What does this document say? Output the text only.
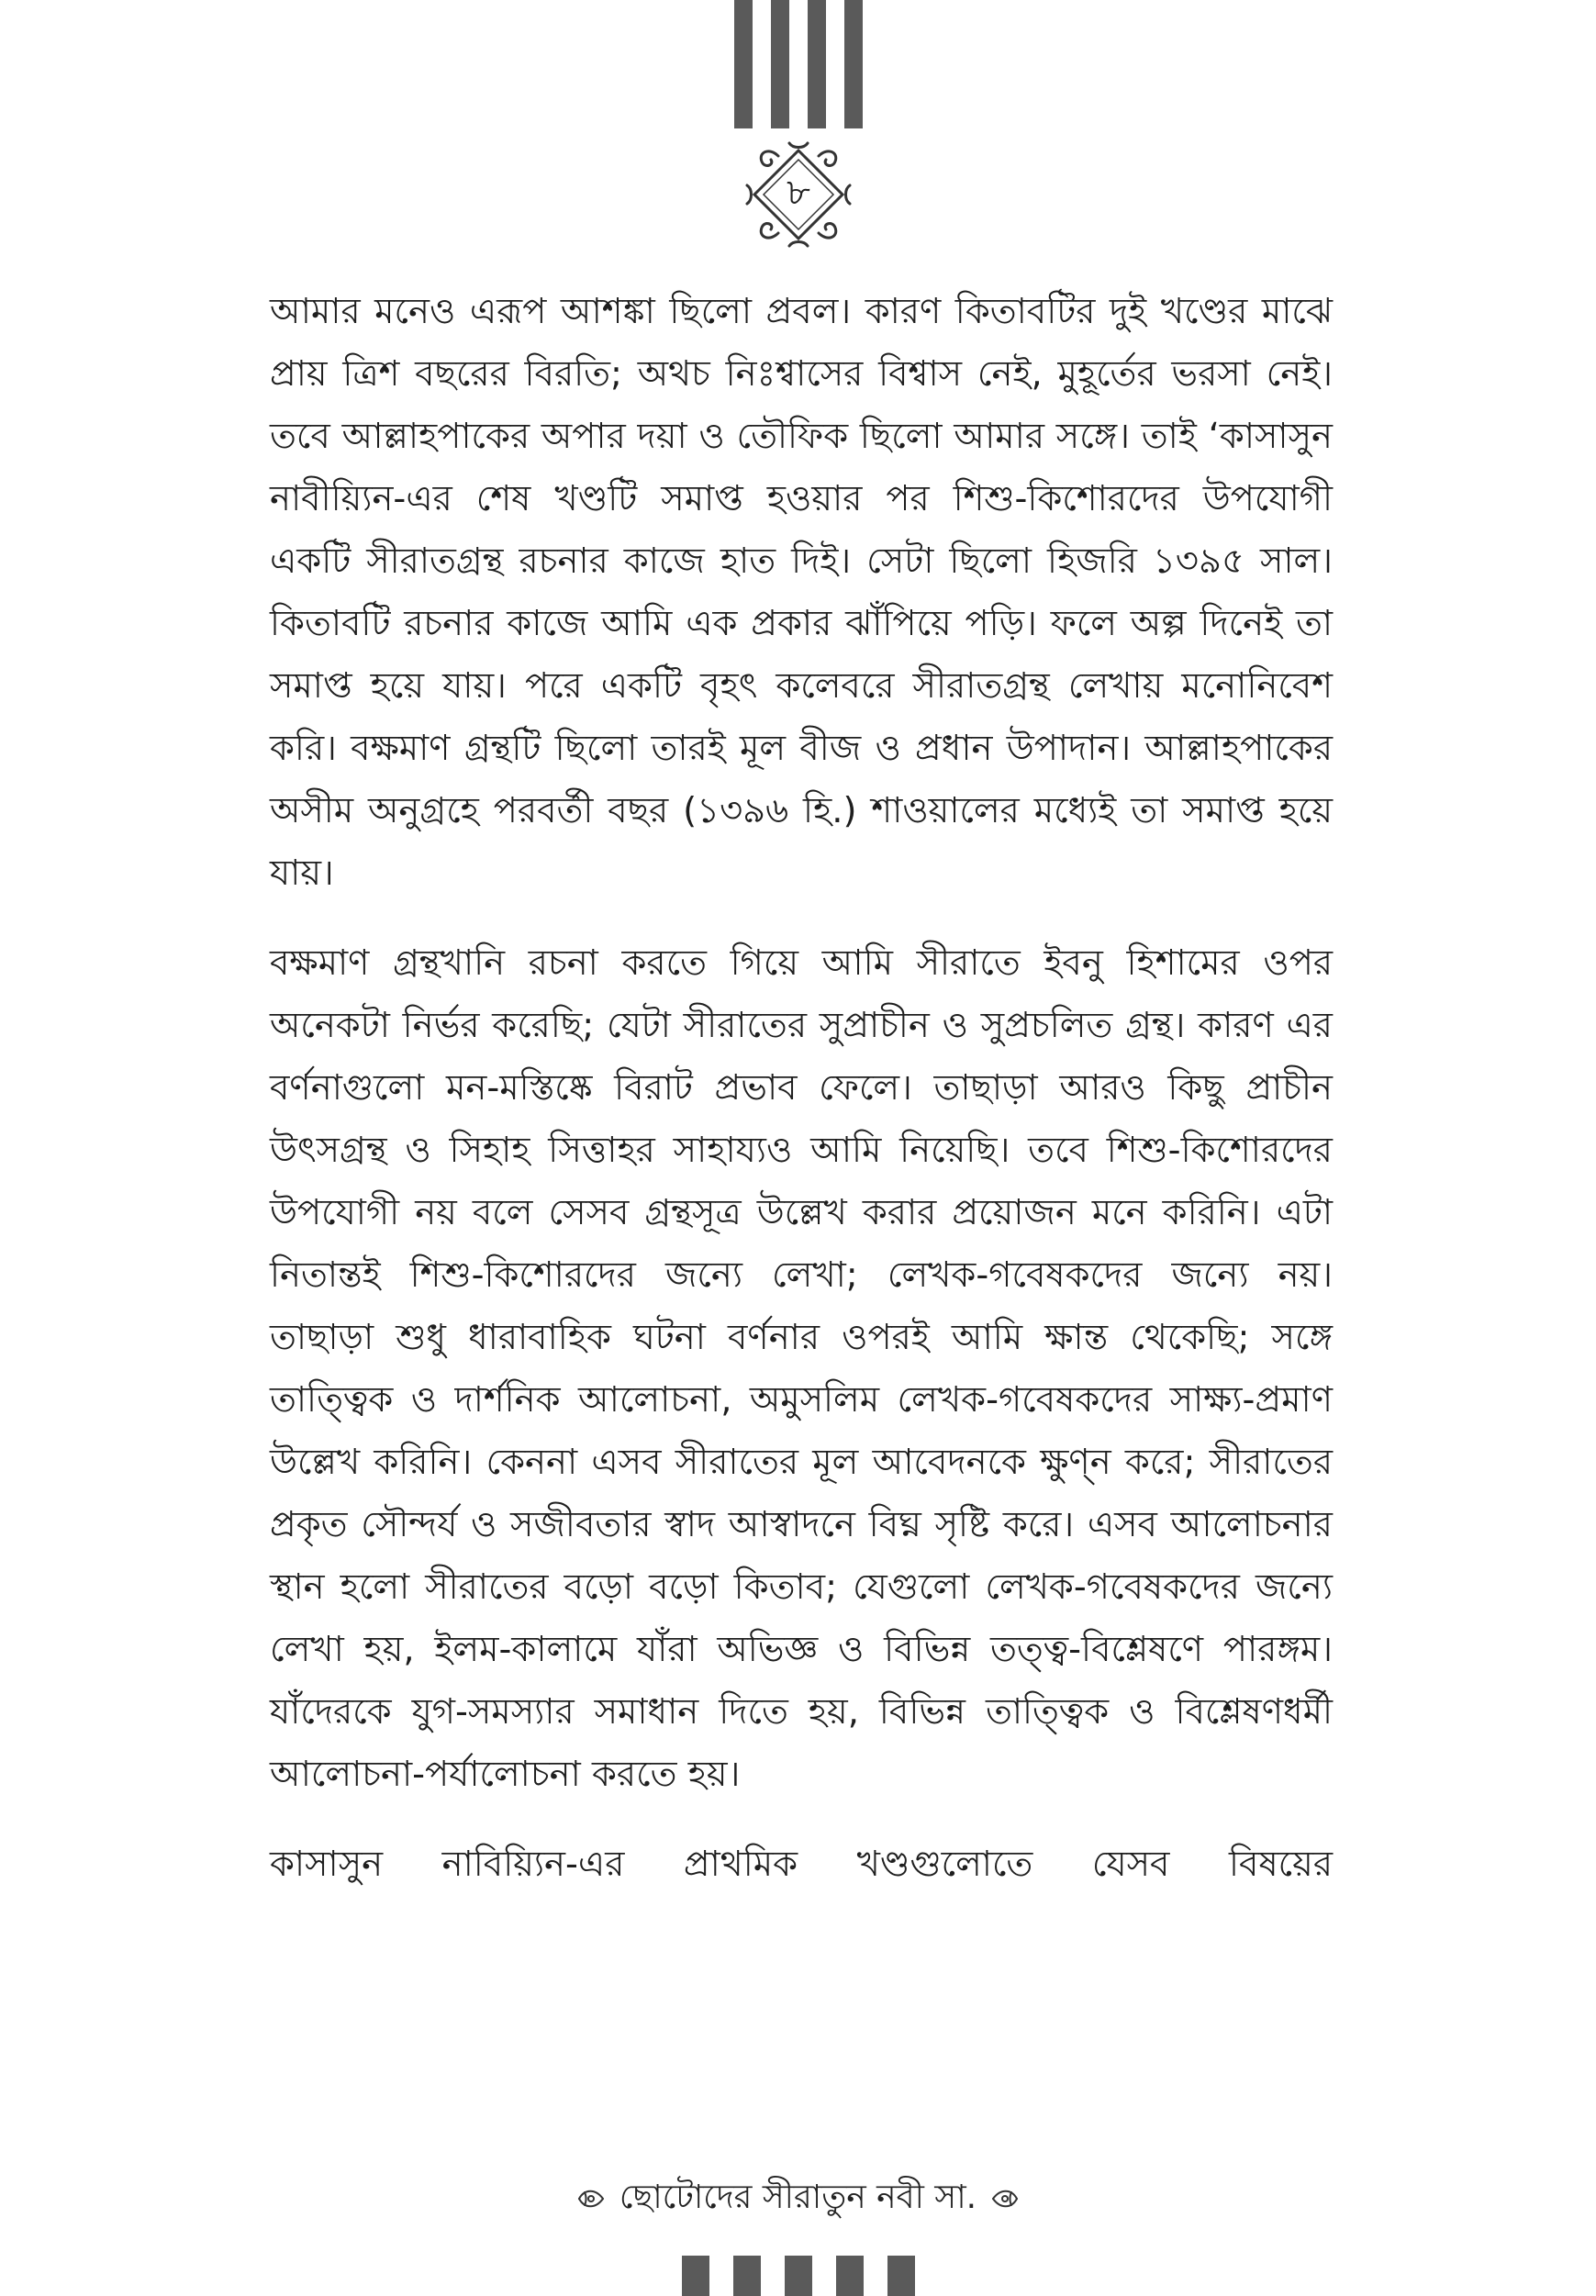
৮

আমার মনেও এরূপ আশঙ্কা ছিলো প্রবল। কারণ কিতাবটির দুই খণ্ডের মাঝে প্রায় ত্রিশ বছরের বিরতি; অথচ নিঃশ্বাসের বিশ্বাস নেই, মুহূর্তের ভরসা নেই। তবে আল্লাহপাকের অপার দয়া ও তৌফিক ছিলো আমার সঙ্গে। তাই ‘কাসাসুন নাবীয়্যিন-এর শেষ খণ্ডটি সমাপ্ত হওয়ার পর শিশু-কিশোরদের উপযোগী একটি সীরাতগ্রন্থ রচনার কাজে হাত দিই। সেটা ছিলো হিজরি ১৩৯৫ সাল। কিতাবটি রচনার কাজে আমি এক প্রকার ঝাঁপিয়ে পড়ি। ফলে অল্প দিনেই তা সমাপ্ত হয়ে যায়। পরে একটি বৃহৎ কলেবরে সীরাতগ্রন্থ লেখায় মনোনিবেশ করি। বক্ষমাণ গ্রন্থটি ছিলো তারই মূল বীজ ও প্রধান উপাদান। আল্লাহপাকের অসীম অনুগ্রহে পরবর্তী বছর (১৩৯৬ হি.) শাওয়ালের মধ্যেই তা সমাপ্ত হয়ে যায়।

বক্ষমাণ গ্রন্থখানি রচনা করতে গিয়ে আমি সীরাতে ইবনু হিশামের ওপর অনেকটা নির্ভর করেছি; যেটা সীরাতের সুপ্রাচীন ও সুপ্রচলিত গ্রন্থ। কারণ এর বর্ণনাগুলো মন-মস্তিষ্কে বিরাট প্রভাব ফেলে। তাছাড়া আরও কিছু প্রাচীন উৎসগ্রন্থ ও সিহাহ সিত্তাহর সাহায্যও আমি নিয়েছি। তবে শিশু-কিশোরদের উপযোগী নয় বলে সেসব গ্রন্থসূত্র উল্লেখ করার প্রয়োজন মনে করিনি। এটা নিতান্তই শিশু-কিশোরদের জন্যে লেখা; লেখক-গবেষকদের জন্যে নয়। তাছাড়া শুধু ধারাবাহিক ঘটনা বর্ণনার ওপরই আমি ক্ষান্ত থেকেছি; সঙ্গে তাত্ত্বিক ও দার্শনিক আলোচনা, অমুসলিম লেখক-গবেষকদের সাক্ষ্য-প্রমাণ উল্লেখ করিনি। কেননা এসব সীরাতের মূল আবেদনকে ক্ষুণ্ন করে; সীরাতের প্রকৃত সৌন্দর্য ও সজীবতার স্বাদ আস্বাদনে বিঘ্ন সৃষ্টি করে। এসব আলোচনার স্থান হলো সীরাতের বড়ো বড়ো কিতাব; যেগুলো লেখক-গবেষকদের জন্যে লেখা হয়, ইলম-কালামে যাঁরা অভিজ্ঞ ও বিভিন্ন তত্ত্ব-বিশ্লেষণে পারঙ্গম। যাঁদেরকে যুগ-সমস্যার সমাধান দিতে হয়, বিভিন্ন তাত্ত্বিক ও বিশ্লেষণধর্মী আলোচনা-পর্যালোচনা করতে হয়।

কাসাসুন নাবিয়্যিন-এর প্রাথমিক খণ্ডগুলোতে যেসব বিষয়ের

ছোটোদের সীরাতুন নবী সা.
